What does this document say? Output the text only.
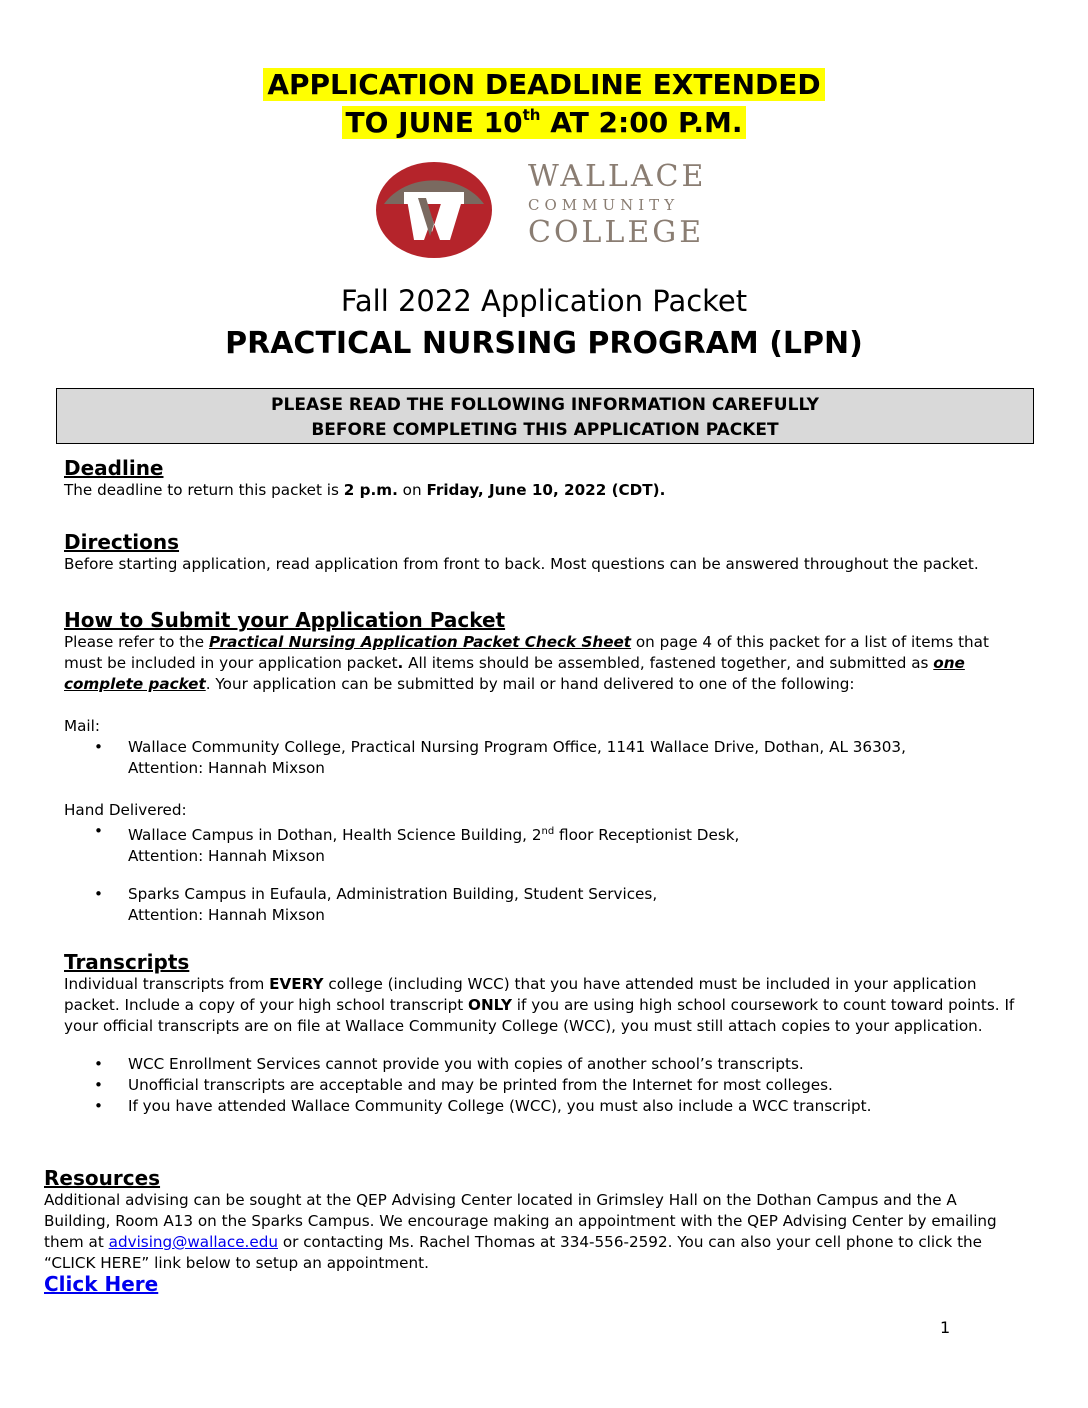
APPLICATION DEADLINE EXTENDED
TO JUNE 10th AT 2:00 P.M.
WALLACE
COMMUNITY
COLLEGE
Fall 2022 Application Packet
PRACTICAL NURSING PROGRAM (LPN)
PLEASE READ THE FOLLOWING INFORMATION CAREFULLY
BEFORE COMPLETING THIS APPLICATION PACKET
Deadline

The deadline to return this packet is 2 p.m. on Friday, June 10, 2022 (CDT).

Directions

Before starting application, read application from front to back. Most questions can be answered throughout the packet.

How to Submit your Application Packet

Please refer to the Practical Nursing Application Packet Check Sheet on page 4 of this packet for a list of items that must be included in your application packet. All items should be assembled, fastened together, and submitted as one complete packet. Your application can be submitted by mail or hand delivered to one of the following:

Mail:

• Wallace Community College, Practical Nursing Program Office, 1141 Wallace Drive, Dothan, AL 36303,
Attention: Hannah Mixson

Hand Delivered:

• Wallace Campus in Dothan, Health Science Building, 2nd floor Receptionist Desk,
Attention: Hannah Mixson
• Sparks Campus in Eufaula, Administration Building, Student Services,
Attention: Hannah Mixson
Transcripts

Individual transcripts from EVERY college (including WCC) that you have attended must be included in your application packet. Include a copy of your high school transcript ONLY if you are using high school coursework to count toward points. If your official transcripts are on file at Wallace Community College (WCC), you must still attach copies to your application.

• WCC Enrollment Services cannot provide you with copies of another school’s transcripts.
• Unofficial transcripts are acceptable and may be printed from the Internet for most colleges.
• If you have attended Wallace Community College (WCC), you must also include a WCC transcript.
Resources

Additional advising can be sought at the QEP Advising Center located in Grimsley Hall on the Dothan Campus and the A Building, Room A13 on the Sparks Campus. We encourage making an appointment with the QEP Advising Center by emailing them at advising@wallace.edu or contacting Ms. Rachel Thomas at 334-556-2592. You can also your cell phone to click the “CLICK HERE” link below to setup an appointment.

Click Here
1
